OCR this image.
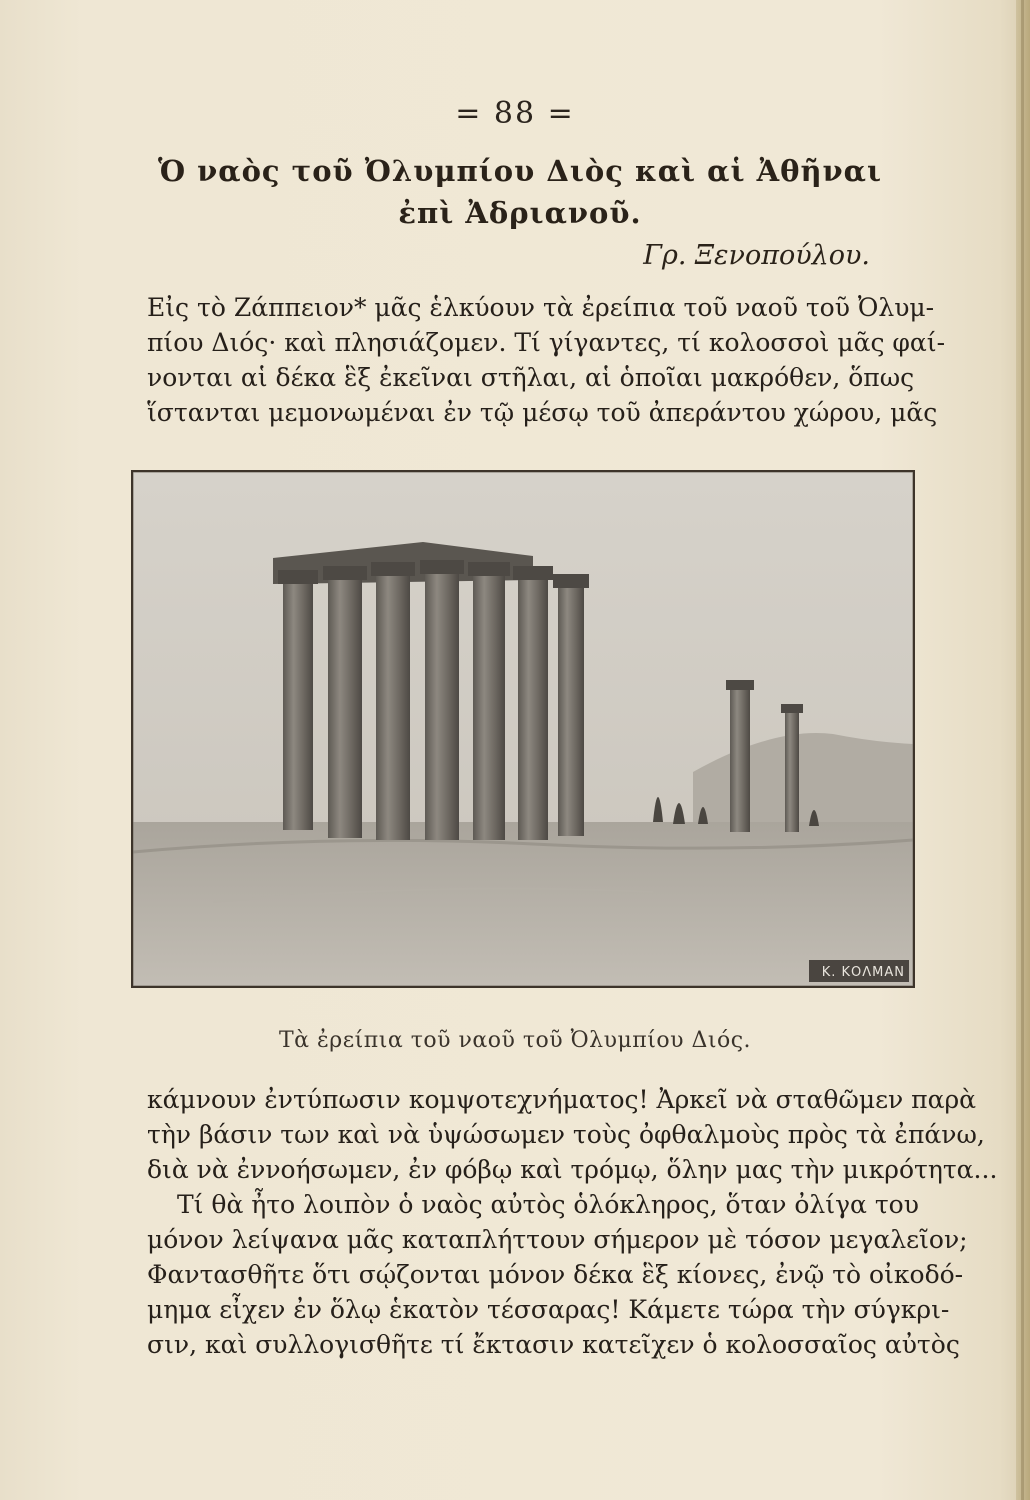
= 88 =
Ὁ ναὸς τοῦ Ὀλυμπίου Διὸς καὶ αἱ Ἀθῆναι
ἐπὶ Ἀδριανοῦ.
Γρ. Ξενοπούλου.
Εἰς τὸ Ζάππειον* μᾶς ἑλκύουν τὰ ἐρείπια τοῦ ναοῦ τοῦ Ὀλυμ-
πίου Διός· καὶ πλησιάζομεν. Τί γίγαντες, τί κολοσσοὶ μᾶς φαί-
νονται αἱ δέκα ἓξ ἐκεῖναι στῆλαι, αἱ ὁποῖαι μακρόθεν, ὅπως
ἵστανται μεμονωμέναι ἐν τῷ μέσῳ τοῦ ἀπεράντου χώρου, μᾶς
Κ. ΚΟΛΜΑΝ
Τὰ ἐρείπια τοῦ ναοῦ τοῦ Ὀλυμπίου Διός.
κάμνουν ἐντύπωσιν κομψοτεχνήματος! Ἀρκεῖ νὰ σταθῶμεν παρὰ
τὴν βάσιν των καὶ νὰ ὑψώσωμεν τοὺς ὀφθαλμοὺς πρὸς τὰ ἐπάνω,
διὰ νὰ ἐννοήσωμεν, ἐν φόβῳ καὶ τρόμῳ, ὅλην μας τὴν μικρότητα...
Τί θὰ ἦτο λοιπὸν ὁ ναὸς αὐτὸς ὁλόκληρος, ὅταν ὀλίγα του
μόνον λείψανα μᾶς καταπλήττουν σήμερον μὲ τόσον μεγαλεῖον;
Φαντασθῆτε ὅτι σῴζονται μόνον δέκα ἓξ κίονες, ἐνῷ τὸ οἰκοδό-
μημα εἶχεν ἐν ὅλῳ ἑκατὸν τέσσαρας! Κάμετε τώρα τὴν σύγκρι-
σιν, καὶ συλλογισθῆτε τί ἔκτασιν κατεῖχεν ὁ κολοσσαῖος αὐτὸς
